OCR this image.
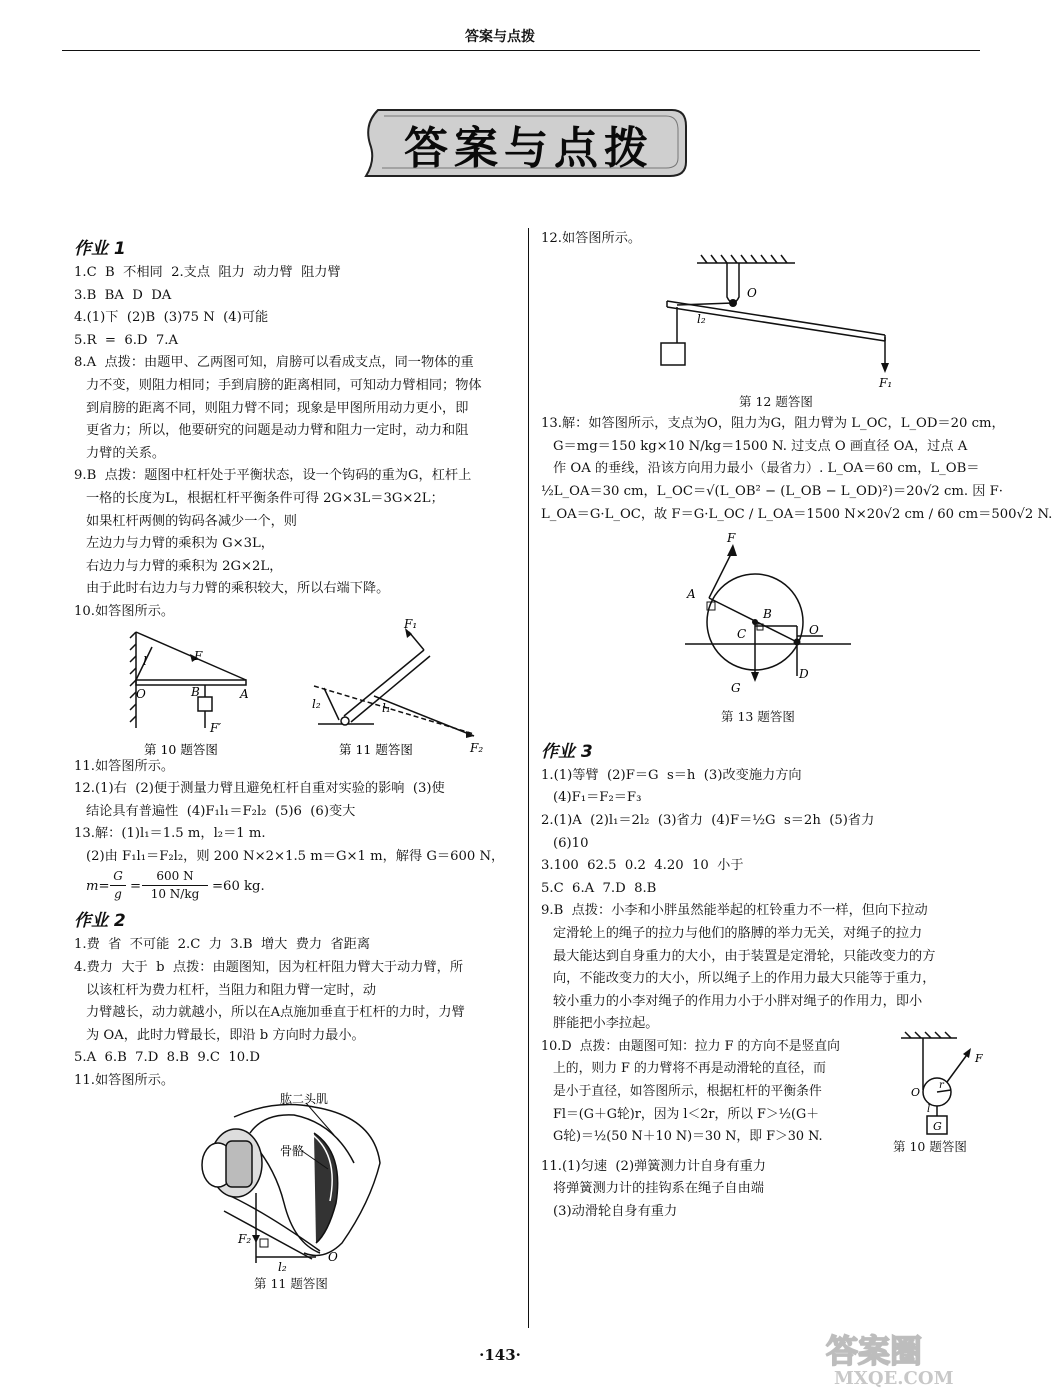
答案与点拨
答案与点拨
作业 1
1.C  B  不相同  2.支点  阻力  动力臂  阻力臂
3.B  BA  D  DA
4.(1)下  (2)B  (3)75 N  (4)可能
5.R  =  6.D  7.A
8.A  点拨：由题甲、乙两图可知，肩膀可以看成支点，同一物体的重
力不变，则阻力相同；手到肩膀的距离相同，可知动力臂相同；物体
到肩膀的距离不同，则阻力臂不同；现象是甲图所用动力更小，即
更省力；所以，他要研究的问题是动力臂和阻力一定时，动力和阻
力臂的关系。
9.B  点拨：题图中杠杆处于平衡状态，设一个钩码的重为G，杠杆上
一格的长度为L，根据杠杆平衡条件可得 2G×3L＝3G×2L；
如果杠杆两侧的钩码各减少一个，则
左边力与力臂的乘积为 G×3L，
右边力与力臂的乘积为 2G×2L，
由于此时右边力与力臂的乘积较大，所以右端下降。
10.如答图所示。
l	F
O	B	A
F′
F₁
l₂	l₁
F₂
第 10 题答图	第 11 题答图
11.如答图所示。
12.(1)右  (2)便于测量力臂且避免杠杆自重对实验的影响  (3)使
结论具有普遍性  (4)F₁l₁＝F₂l₂  (5)6  (6)变大
13.解：(1)l₁＝1.5 m，l₂＝1 m.
(2)由 F₁l₁＝F₂l₂，则 200 N×2×1.5 m＝G×1 m，解得 G＝600 N，
$m= \frac{G}{g} = \frac{600 N}{10 N/kg} =60$ kg.
作业 2
1.费  省  不可能  2.C  力  3.B  增大  费力  省距离
4.费力  大于  b  点拨：由题图知，因为杠杆阻力臂大于动力臂，所
以该杠杆为费力杠杆，当阻力和阻力臂一定时，动
力臂越长，动力就越小，所以在A点施加垂直于杠杆的力时，力臂
为 OA，此时力臂最长，即沿 b 方向时力最小。
5.A  6.B  7.D  8.B  9.C  10.D
11.如答图所示。
肱二头肌
骨骼
F₂
l₂
O
第 11 题答图
12.如答图所示。
O
l₂
F₁
第 12 题答图
13.解：如答图所示，支点为O，阻力为G，阻力臂为 L_OC，L_OD＝20 cm，
G＝mg＝150 kg×10 N/kg＝1500 N. 过支点 O 画直径 OA，过点 A
作 OA 的垂线，沿该方向用力最小（最省力）. L_OA＝60 cm，L_OB＝
½L_OA＝30 cm，L_OC＝√(L_OB² − (L_OB − L_OD)²)＝20√2 cm. 因 F·
L_OA＝G·L_OC，故 F＝G·L_OC / L_OA＝1500 N×20√2 cm / 60 cm＝500√2 N.
F
A
B
C	O
G
D
第 13 题答图
作业 3
1.(1)等臂  (2)F＝G  s＝h  (3)改变施力方向
(4)F₁＝F₂＝F₃
2.(1)A  (2)l₁＝2l₂  (3)省力  (4)F＝½G  s＝2h  (5)省力
(6)10
3.100  62.5  0.2  4.20  10  小于
5.C  6.A  7.D  8.B
9.B  点拨：小李和小胖虽然能举起的杠铃重力不一样，但向下拉动
定滑轮上的绳子的拉力与他们的胳膊的举力无关，对绳子的拉力
最大能达到自身重力的大小，由于装置是定滑轮，只能改变力的方
向，不能改变力的大小，所以绳子上的作用力最大只能等于重力，
较小重力的小李对绳子的作用力小于小胖对绳子的作用力，即小
胖能把小李拉起。
10.D  点拨：由题图可知：拉力 F 的方向不是竖直向
上的，则力 F 的力臂将不再是动滑轮的直径，而
是小于直径，如答图所示，根据杠杆的平衡条件
Fl＝(G＋G轮)r，因为 l＜2r，所以 F＞½(G＋
G轮)＝½(50 N＋10 N)＝30 N，即 F＞30 N.
F
O
r
l
G
第 10 题答图
11.(1)匀速  (2)弹簧测力计自身有重力
将弹簧测力计的挂钩系在绳子自由端
(3)动滑轮自身有重力
·143·	答案圈
MXQE.COM
